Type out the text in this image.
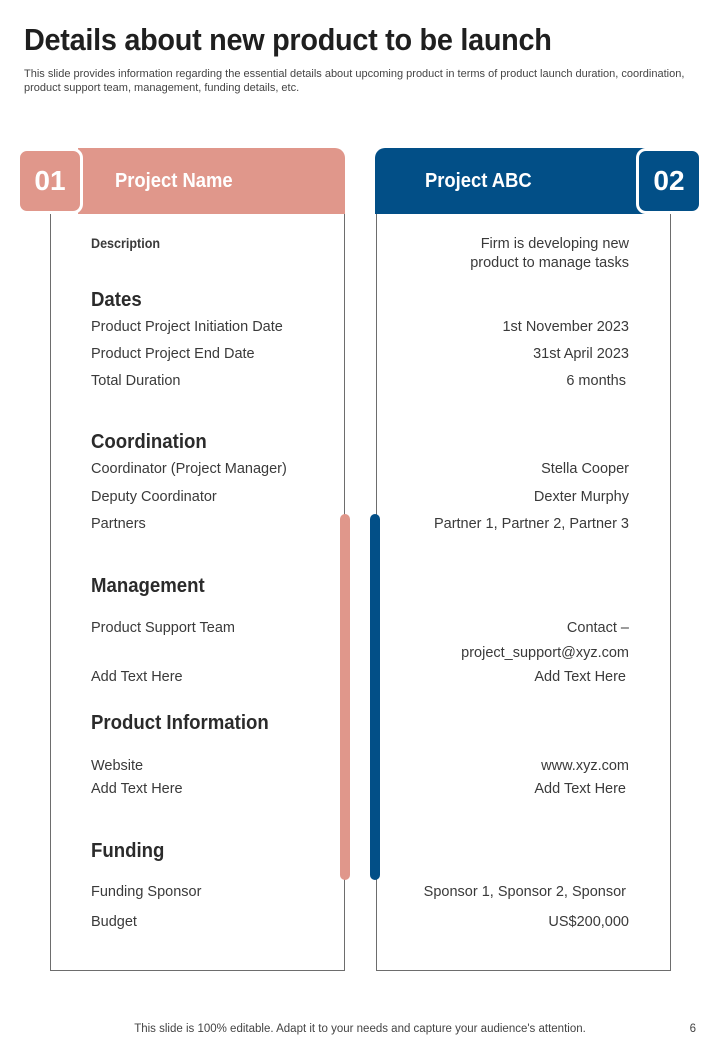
Details about new product to be launch
This slide provides information regarding the essential details about upcoming product in terms of product launch duration, coordination, product support team, management, funding details, etc.
01	02
Project Name	Project ABC
Description	Firm is developing new product to manage tasks
Dates
Product Project Initiation Date	1st November 2023
Product Project End Date	31st April 2023
Total Duration	6 months
Coordination
Coordinator (Project Manager)	Stella Cooper
Deputy Coordinator	Dexter Murphy
Partners	Partner 1, Partner 2, Partner 3
Management
Product Support Team	Contact –
project_support@xyz.com
Add Text Here	Add Text Here
Product Information
Website	www.xyz.com
Add Text Here	Add Text Here
Funding
Funding Sponsor	Sponsor 1, Sponsor 2, Sponsor
Budget	US$200,000
This slide is 100% editable. Adapt it to your needs and capture your audience's attention.	6
